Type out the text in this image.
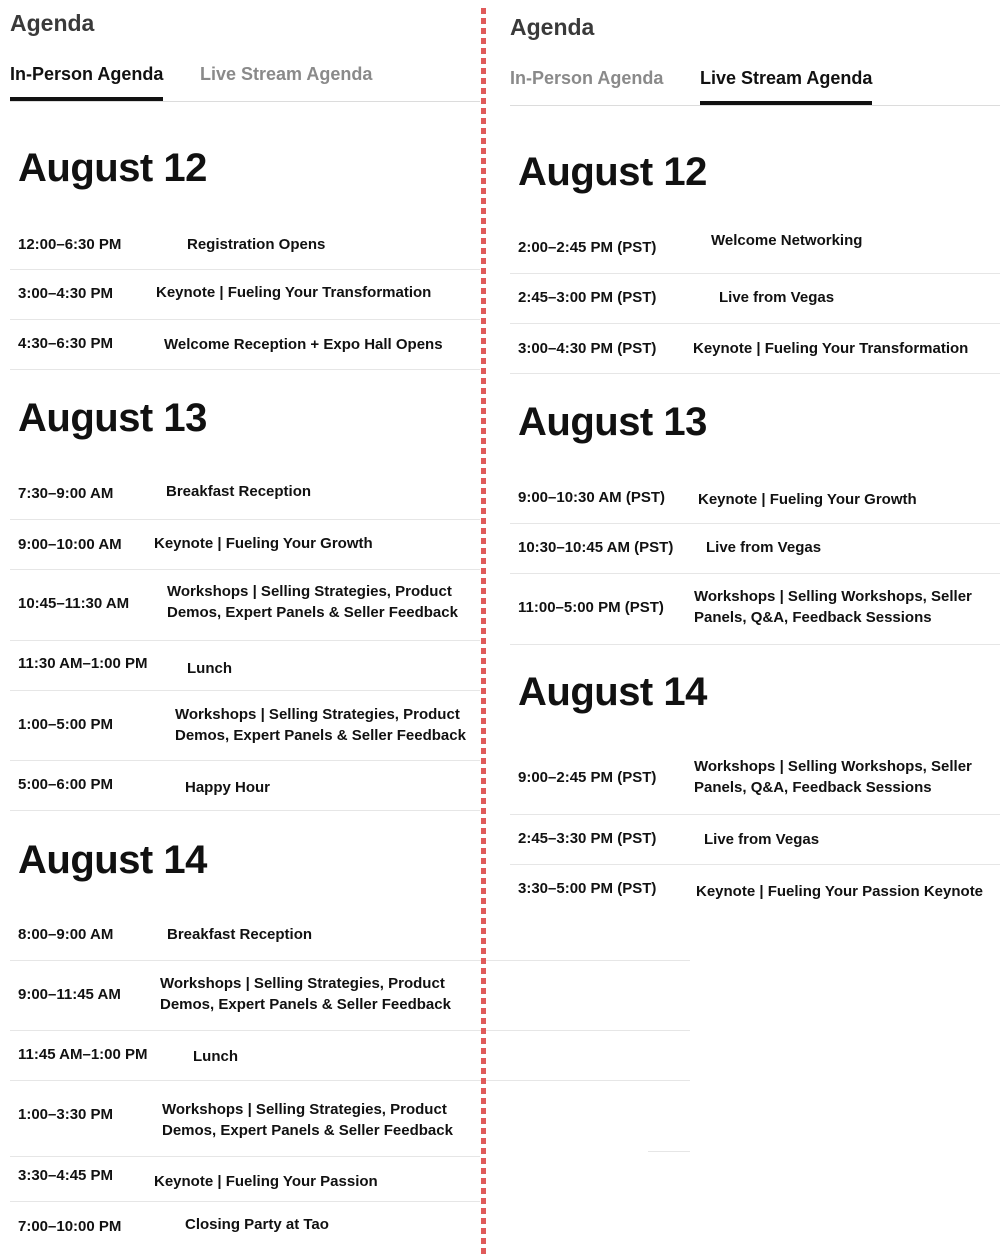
Agenda
In-Person Agenda Live Stream Agenda
August 12
12:00–6:30 PM	Registration Opens
3:00–4:30 PM	Keynote | Fueling Your Transformation
4:30–6:30 PM	Welcome Reception + Expo Hall Opens
August 13
7:30–9:00 AM	Breakfast Reception
9:00–10:00 AM Keynote | Fueling Your Growth
10:45–11:30 AM
Workshops | Selling Strategies, Product Demos, Expert Panels & Seller Feedback
11:30 AM–1:00 PM	Lunch
1:00–5:00 PM
Workshops | Selling Strategies, Product Demos, Expert Panels & Seller Feedback
5:00–6:00 PM	Happy Hour
August 14
8:00–9:00 AM	Breakfast Reception
9:00–11:45 AM
Workshops | Selling Strategies, Product Demos, Expert Panels & Seller Feedback
11:45 AM–1:00 PM	Lunch
1:00–3:30 PM	Workshops | Selling Strategies, Product Demos, Expert Panels & Seller Feedback
3:30–4:45 PM	Keynote | Fueling Your Passion
7:00–10:00 PM	Closing Party at Tao
Agenda
In-Person Agenda Live Stream Agenda
August 12
2:00–2:45 PM (PST)	Welcome Networking
2:45–3:00 PM (PST)	Live from Vegas
3:00–4:30 PM (PST) Keynote | Fueling Your Transformation
August 13
9:00–10:30 AM (PST) Keynote | Fueling Your Growth
10:30–10:45 AM (PST) Live from Vegas
11:00–5:00 PM (PST)
Workshops | Selling Workshops, Seller Panels, Q&A, Feedback Sessions
August 14
9:00–2:45 PM (PST)
Workshops | Selling Workshops, Seller Panels, Q&A, Feedback Sessions
2:45–3:30 PM (PST)	Live from Vegas
3:30–5:00 PM (PST)	Keynote | Fueling Your Passion Keynote
